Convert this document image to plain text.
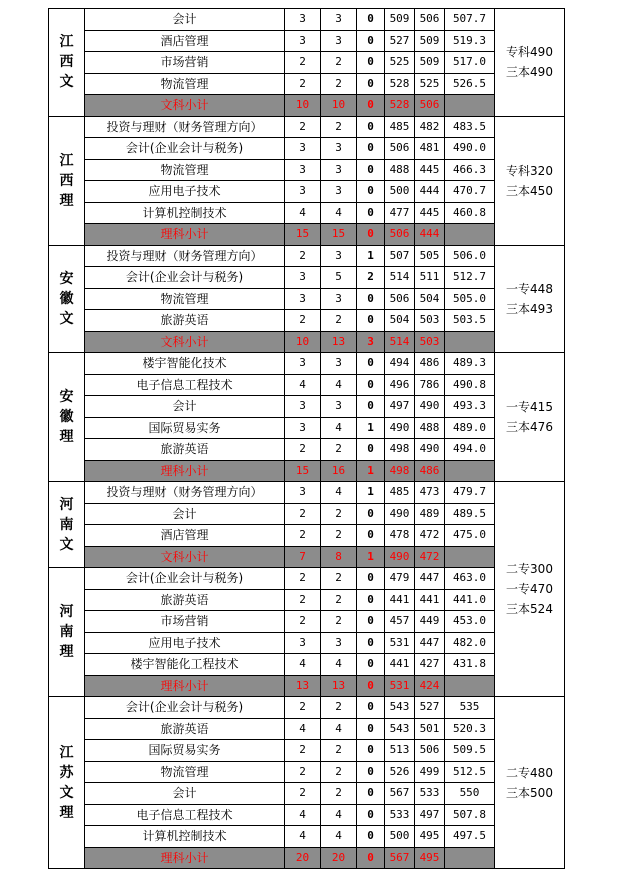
江西文	会计	3	3	0	509	506	507.7	专科490
三本490

	酒店管理	3	3	0	527	509	519.3	
	市场营销	2	2	0	525	509	517.0	
	物流管理	2	2	0	528	525	526.5	
	文科小计	10	10	0	528	506		

江西理	投资与理财（财务管理方向）	2	2	0	485	482	483.5	专科320
三本450

	会计(企业会计与税务)	3	3	0	506	481	490.0	
	物流管理	3	3	0	488	445	466.3	
	应用电子技术	3	3	0	500	444	470.7	
	计算机控制技术	4	4	0	477	445	460.8	
	理科小计	15	15	0	506	444		

安徽文	投资与理财（财务管理方向）	2	3	1	507	505	506.0	一专448
三本493

	会计(企业会计与税务)	3	5	2	514	511	512.7	
	物流管理	3	3	0	506	504	505.0	
	旅游英语	2	2	0	504	503	503.5	
	文科小计	10	13	3	514	503		

安徽理	楼宇智能化技术	3	3	0	494	486	489.3	一专415
三本476

	电子信息工程技术	4	4	0	496	786	490.8	
	会计	3	3	0	497	490	493.3	
	国际贸易实务	3	4	1	490	488	489.0	
	旅游英语	2	2	0	498	490	494.0	
	理科小计	15	16	1	498	486		

河南文	投资与理财（财务管理方向）	3	4	1	485	473	479.7	二专300
一专470
三本524

	会计	2	2	0	490	489	489.5	
	酒店管理	2	2	0	478	472	475.0	
	文科小计	7	8	1	490	472		

河南理	会计(企业会计与税务)	2	2	0	479	447	463.0	
	旅游英语	2	2	0	441	441	441.0	
	市场营销	2	2	0	457	449	453.0	
	应用电子技术	3	3	0	531	447	482.0	
	楼宇智能化工程技术	4	4	0	441	427	431.8	
	理科小计	13	13	0	531	424		

江苏文理	会计(企业会计与税务)	2	2	0	543	527	535	二专480
三本500

	旅游英语	4	4	0	543	501	520.3	
	国际贸易实务	2	2	0	513	506	509.5	
	物流管理	2	2	0	526	499	512.5	
	会计	2	2	0	567	533	550	
	电子信息工程技术	4	4	0	533	497	507.8	
	计算机控制技术	4	4	0	500	495	497.5	
	理科小计	20	20	0	567	495		
